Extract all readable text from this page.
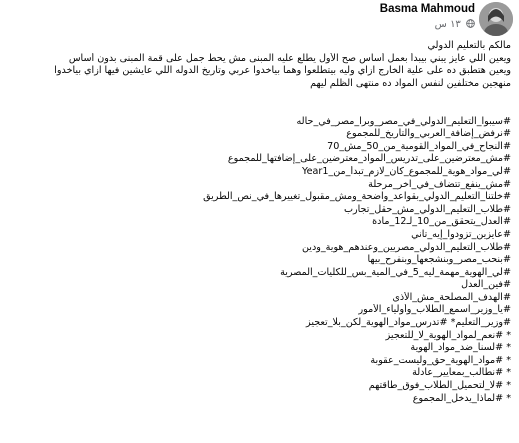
Basma Mahmoud
١٣ س

مالكم بالتعليم الدولي

ويعين اللي عايز يبني بيبدأ بعمل أساس صح الأول يطلع عليه المبنى مش يحط جمل على قمة المبنى بدون أساس

ويعين هتطبق ده على علية الخارج ازاي وليه بيتطلعوا وهما بياخدوا عربي وتاريخ الدوله اللي عايشين فيها ازاي بياخدوا

منهجين مختلفين لنفس المواد ده منتهى الظلم ليهم

#سيبوا_التعليم_الدولي_في_مصر_وبرا_مصر_في_حاله

#نرفض_إضافة_العربي_والتاريخ_للمجموع

#النجاح_في_المواد_القومية_من_50_مش_70

#مش_معترضين_على_تدريس_المواد_معترضين_على_إضافتها_للمجموع

#لي_مواد_هوية_للمجموع_كان_لازم_تبدأ_من_Year1

#مش_ينفع_تتضاف_في_آخر_مرحلة

#خلتنا_التعليم_الدولي_بقواعد_واضحة_ومش_مقبول_تغييرها_في_نص_الطريق

#طلاب_التعليم_الدولي_مش_حقل_تجارب

#العدل_يتحقق_من_10_لـ12_مادة

#عايزين_تزودوا_إيه_تاني

#طلاب_التعليم_الدولي_مصريين_وعندهم_هوية_ودين

#بنحب_مصر_وبنشجعها_وبنفرح_بيها

#لي_الهوية_مهمة_ليه_5_في_المية_بس_للكليات_المصرية

#فين_العدل

#الهدف_المصلحة_مش_الأذى

#يا_وزير_اسمع_الطلاب_وأولياء_الأمور

#وزير_التعليم* #تدرس_مواد_الهوية_لكن_بلا_تعجيز

* #نعم_لمواد_الهوية_لا_للتعجيز

* #لسنا_ضد_مواد_الهوية

* #مواد_الهوية_حق_وليست_عقوبة

* #نطالب_بمعايير_عادلة

* #لا_لتحميل_الطلاب_فوق_طاقتهم

* #لماذا_يدخل_المجموع
